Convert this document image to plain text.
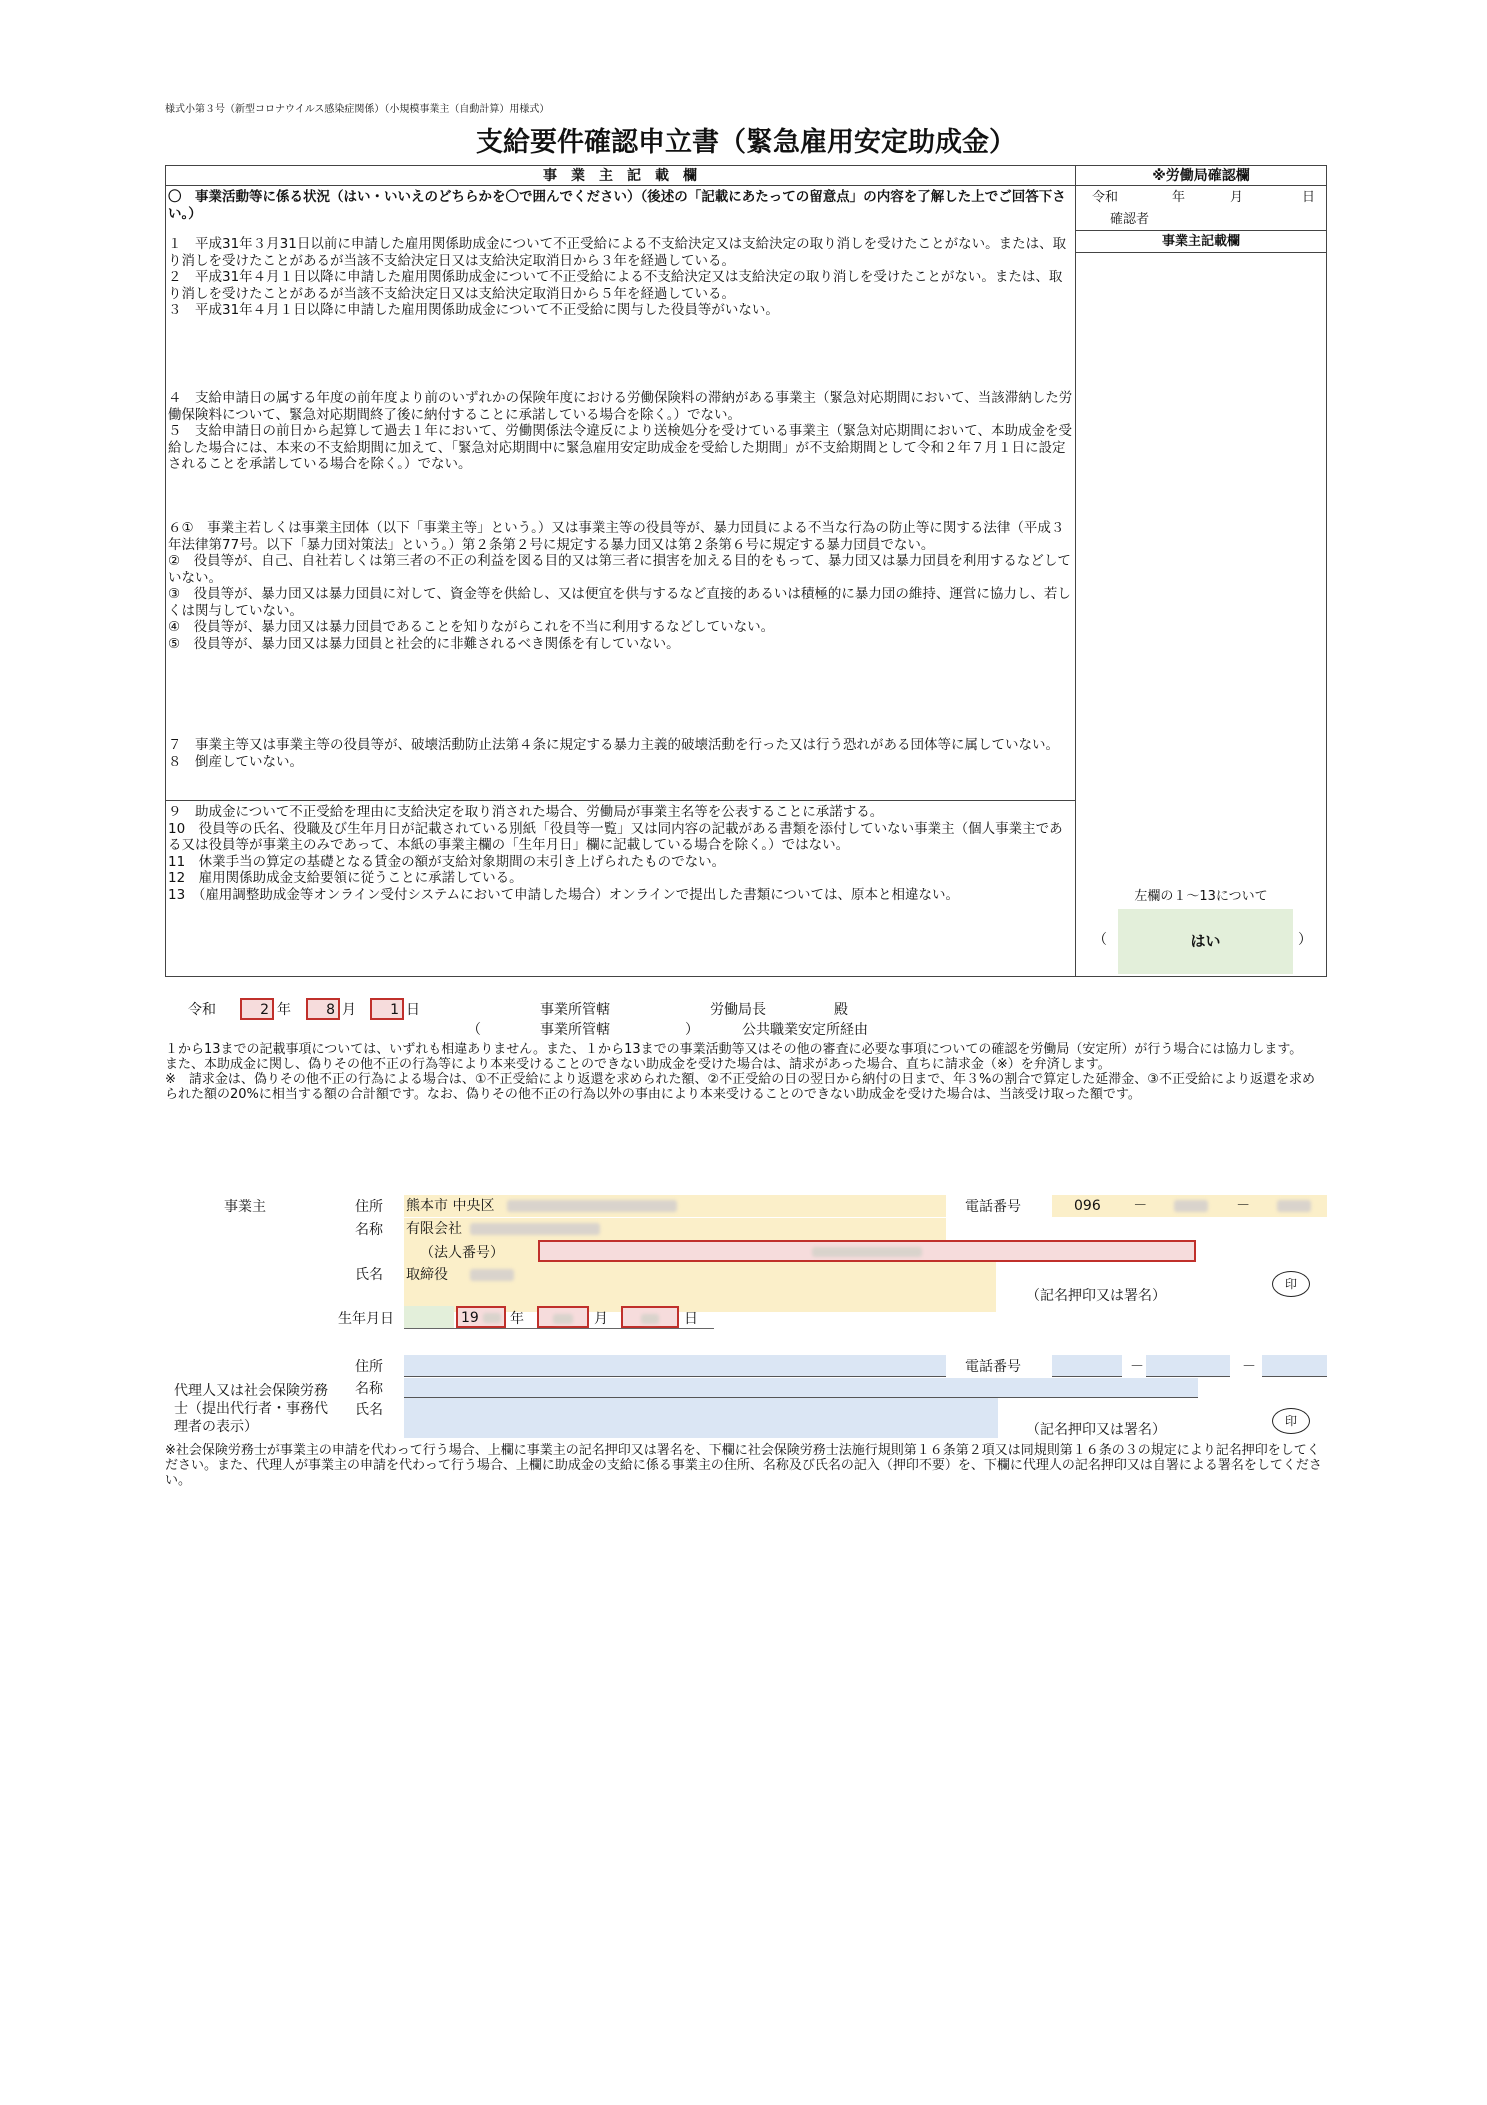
様式小第３号（新型コロナウイルス感染症関係）（小規模事業主（自動計算）用様式）
支給要件確認申立書（緊急雇用安定助成金）
事　業　主　記　載　欄	※労働局確認欄
〇　事業活動等に係る状況（はい・いいえのどちらかを〇で囲んでください）（後述の「記載にあたっての留意点」の内容を了解した上でご回答下さい。）
１　平成31年３月31日以前に申請した雇用関係助成金について不正受給による不支給決定又は支給決定の取り消しを受けたことがない。または、取り消しを受けたことがあるが当該不支給決定日又は支給決定取消日から３年を経過している。
２　平成31年４月１日以降に申請した雇用関係助成金について不正受給による不支給決定又は支給決定の取り消しを受けたことがない。または、取り消しを受けたことがあるが当該不支給決定日又は支給決定取消日から５年を経過している。
３　平成31年４月１日以降に申請した雇用関係助成金について不正受給に関与した役員等がいない。
４　支給申請日の属する年度の前年度より前のいずれかの保険年度における労働保険料の滞納がある事業主（緊急対応期間において、当該滞納した労働保険料について、緊急対応期間終了後に納付することに承諾している場合を除く。）でない。
５　支給申請日の前日から起算して過去１年において、労働関係法令違反により送検処分を受けている事業主（緊急対応期間において、本助成金を受給した場合には、本来の不支給期間に加えて、「緊急対応期間中に緊急雇用安定助成金を受給した期間」が不支給期間として令和２年７月１日に設定されることを承諾している場合を除く。）でない。
６①　事業主若しくは事業主団体（以下「事業主等」という。）又は事業主等の役員等が、暴力団員による不当な行為の防止等に関する法律（平成３年法律第77号。以下「暴力団対策法」という。）第２条第２号に規定する暴力団又は第２条第６号に規定する暴力団員でない。
②　役員等が、自己、自社若しくは第三者の不正の利益を図る目的又は第三者に損害を加える目的をもって、暴力団又は暴力団員を利用するなどしていない。
③　役員等が、暴力団又は暴力団員に対して、資金等を供給し、又は便宜を供与するなど直接的あるいは積極的に暴力団の維持、運営に協力し、若しくは関与していない。
④　役員等が、暴力団又は暴力団員であることを知りながらこれを不当に利用するなどしていない。
⑤　役員等が、暴力団又は暴力団員と社会的に非難されるべき関係を有していない。
７　事業主等又は事業主等の役員等が、破壊活動防止法第４条に規定する暴力主義的破壊活動を行った又は行う恐れがある団体等に属していない。
８　倒産していない。
９　助成金について不正受給を理由に支給決定を取り消された場合、労働局が事業主名等を公表することに承諾する。
10　役員等の氏名、役職及び生年月日が記載されている別紙「役員等一覧」又は同内容の記載がある書類を添付していない事業主（個人事業主である又は役員等が事業主のみであって、本紙の事業主欄の「生年月日」欄に記載している場合を除く。）ではない。
11　休業手当の算定の基礎となる賃金の額が支給対象期間の末引き上げられたものでない。
12　雇用関係助成金支給要領に従うことに承諾している。
13　（雇用調整助成金等オンライン受付システムにおいて申請した場合）オンラインで提出した書類については、原本と相違ない。
令和	年	月	日
確認者
事業主記載欄
左欄の１～13について
（	はい	）
令和	2 年	8 月	1 日	事業所管轄	労働局長	殿
（	事業所管轄	）	公共職業安定所経由
１から13までの記載事項については、いずれも相違ありません。また、１から13までの事業活動等又はその他の審査に必要な事項についての確認を労働局（安定所）が行う場合には協力します。
また、本助成金に関し、偽りその他不正の行為等により本来受けることのできない助成金を受けた場合は、請求があった場合、直ちに請求金（※）を弁済します。
※　請求金は、偽りその他不正の行為による場合は、①不正受給により返還を求められた額、②不正受給の日の翌日から納付の日まで、年３%の割合で算定した延滞金、③不正受給により返還を求められた額の20%に相当する額の合計額です。なお、偽りその他不正の行為以外の事由により本来受けることのできない助成金を受けた場合は、当該受け取った額です。
事業主	住所 熊本市 中央区	電話番号	096 －	－
名称 有限会社
（法人番号）
氏名 取締役
（記名押印又は署名）
印
生年月日	19	年	月	日
住所	電話番号	－	－
代理人又は社会保険労務士（提出代行者・事務代理者の表示）
名称
氏名
（記名押印又は署名）
印
※社会保険労務士が事業主の申請を代わって行う場合、上欄に事業主の記名押印又は署名を、下欄に社会保険労務士法施行規則第１６条第２項又は同規則第１６条の３の規定により記名押印をしてください。また、代理人が事業主の申請を代わって行う場合、上欄に助成金の支給に係る事業主の住所、名称及び氏名の記入（押印不要）を、下欄に代理人の記名押印又は自署による署名をしてください。
